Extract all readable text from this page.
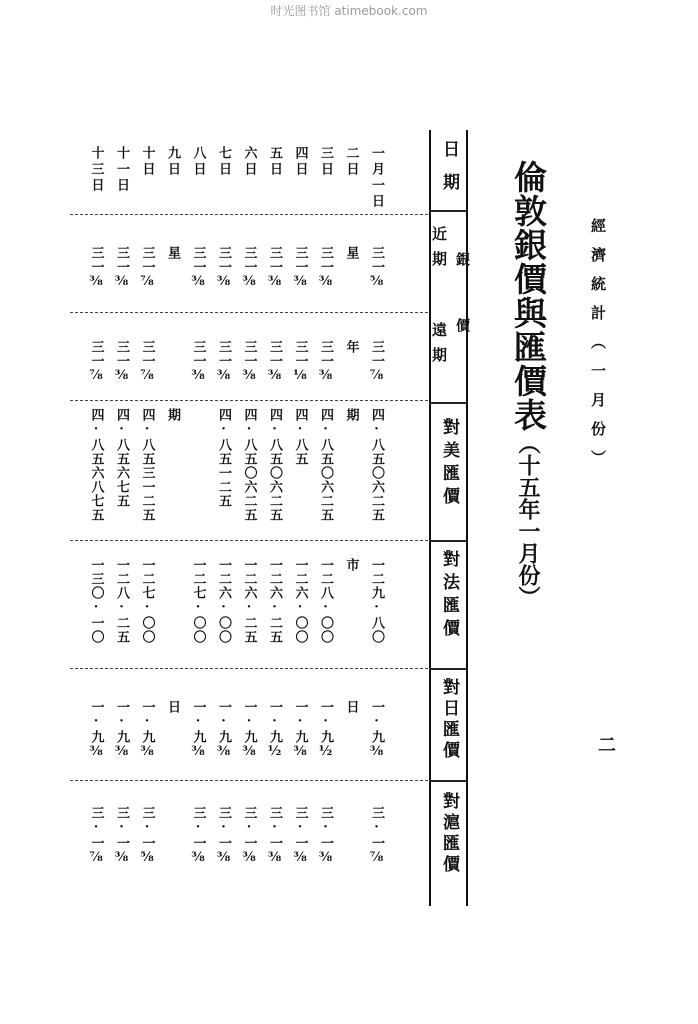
时光图书馆 atimebook.com
經濟統計（一月份）
二
倫敦銀價與匯價表（十五年一月份）
日期
銀價
近期
遠期
對美匯價
對法匯價
對日匯價
對滬匯價
一月一日
三一⅝
三一⅞
四·八五〇六二五
一二九·八〇
一·九⅜
三·一⅞
二日
星
年
期
市
日
三日
三一⅜
三一⅜
四·八五〇六二五
一二八·〇〇
一·九½
三·一⅜
四日
三一⅜
三一⅛
四·八五
一二六·〇〇
一·九⅜
三·一⅜
五日
三一⅜
三一⅜
四·八五〇六二五
一二六·二五
一·九½
三·一⅜
六日
三一⅜
三一⅜
四·八五〇六二五
一二六·二五
一·九⅜
三·一⅜
七日
三一⅜
三一⅜
四·八五一二五
一二六·〇〇
一·九⅜
三·一⅜
八日
三一⅜
三一⅜
一二七·〇〇
一·九⅜
三·一⅜
九日
星
期
日
十日
三一⅞
三一⅞
四·八五三一二五
一二七·〇〇
一·九⅜
三·一⅝
十一日
三一⅜
三一⅜
四·八五六七五
一二八·二五
一·九⅜
三·一⅜
十三日
三一⅜
三一⅞
四·八五六八七五
一三〇·一〇
一·九⅜
三·一⅞
